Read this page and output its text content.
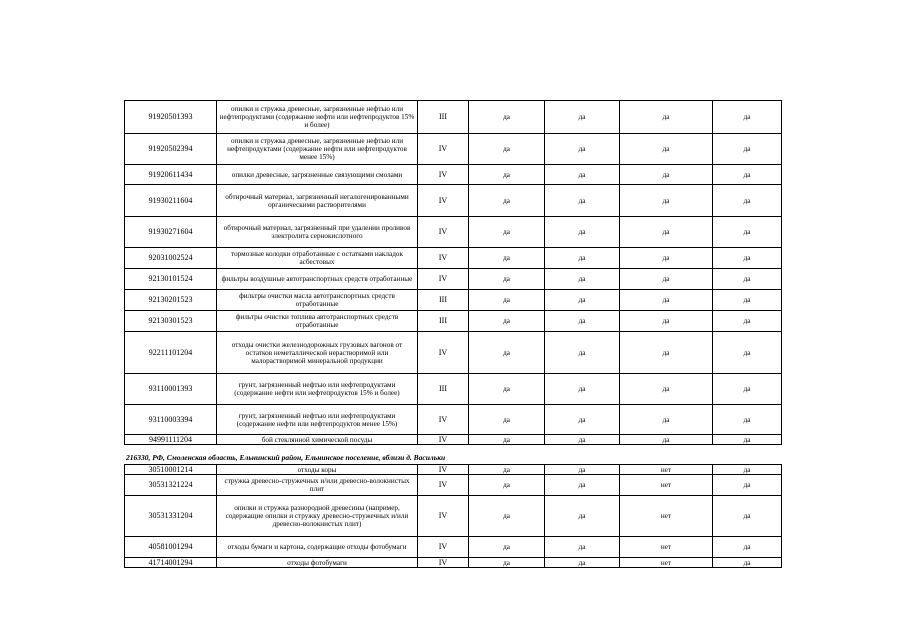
91920501393	опилки и стружка древесные, загрязненные нефтью или нефтепродуктами (содержание нефти или нефтепродуктов 15% и более)	III	да	да	да	да
91920502394	опилки и стружка древесные, загрязненные нефтью или нефтепродуктами (содержание нефти или нефтепродуктов менее 15%)	IV	да	да	да	да
91920611434	опилки древесные, загрязненные связующими смолами	IV	да	да	да	да
91930211604	обтирочный материал, загрязненный негалогенированными органическими растворителями	IV	да	да	да	да
91930271604	обтирочный материал, загрязненный при удалении проливов электролита сернокислотного	IV	да	да	да	да
92031002524	тормозные колодки отработанные с остатками накладок асбестовых	IV	да	да	да	да
92130101524	фильтры воздушные автотранспортных средств отработанные	IV	да	да	да	да
92130201523	фильтры очистки масла автотранспортных средств отработанные	III	да	да	да	да
92130301523	фильтры очистки топлива автотранспортных средств отработанные	III	да	да	да	да
92211101204	отходы очистки железнодорожных грузовых вагонов от остатков неметаллической нерастворимой или малорастворимой минеральной продукции	IV	да	да	да	да
93110001393	грунт, загрязненный нефтью или нефтепродуктами (содержание нефти или нефтепродуктов 15% и более)	III	да	да	да	да
93110003394	грунт, загрязненный нефтью или нефтепродуктами (содержание нефти или нефтепродуктов менее 15%)	IV	да	да	да	да
94991111204	бой стеклянной химической посуды	IV	да	да	да	да
216330, РФ, Смоленская область, Ельнинский район, Ельнинское поселение, вблизи д. Васильки
30510001214	отходы коры	IV	да	да	нет	да
30531321224	стружка древесно-стружечных и/или древесно-волокнистых плит	IV	да	да	нет	да
30531331204	опилки и стружка разнородной древесины (например, содержащие опилки и стружку древесно-стружечных и/или древесно-волокнистых плит)	IV	да	да	нет	да
40581001294	отходы бумаги и картона, содержащие отходы фотобумаги	IV	да	да	нет	да
41714001294	отходы фотобумаги	IV	да	да	нет	да
